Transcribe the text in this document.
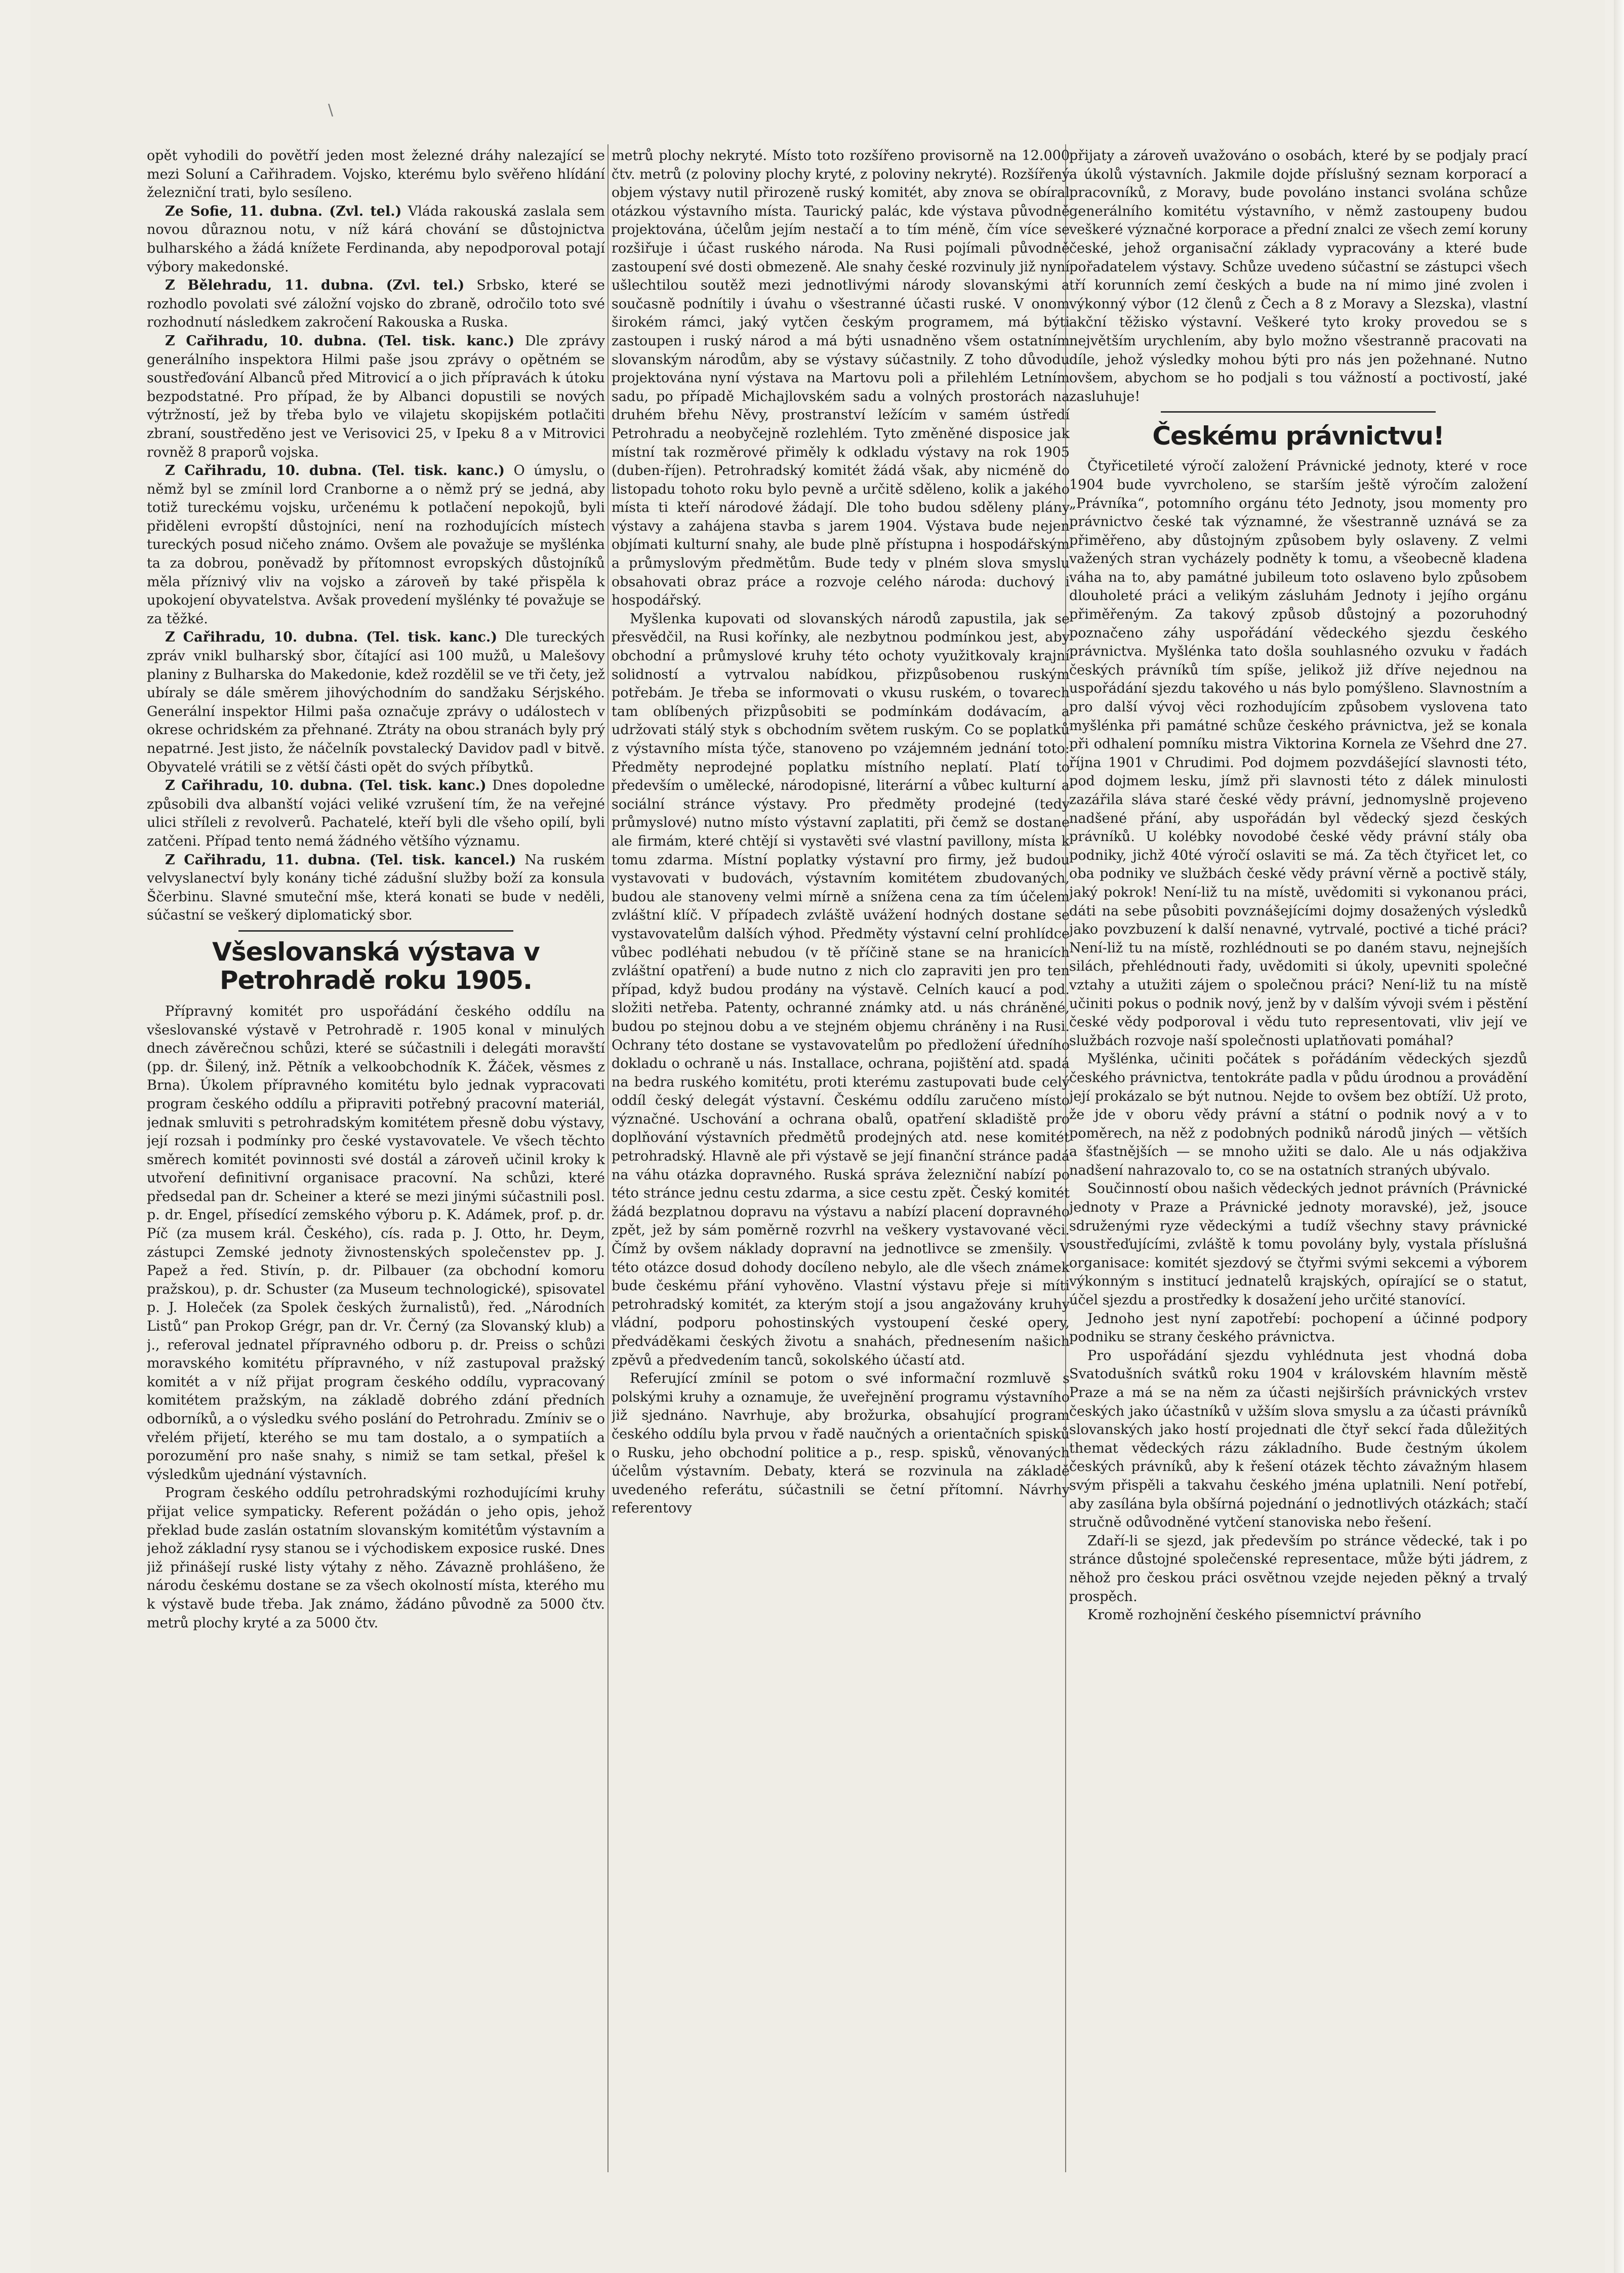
\

opět vyhodili do povětří jeden most železné dráhy nalezající se mezi Soluní a Cařihradem. Vojsko, kterému bylo svěřeno hlídání železniční trati, bylo sesíleno.

Ze Sofie, 11. dubna. (Zvl. tel.) Vláda rakouská zaslala sem novou důraznou notu, v níž kárá chování se důstojnictva bulharského a žádá knížete Ferdinanda, aby nepodporoval potají výbory makedonské.

Z Bělehradu, 11. dubna. (Zvl. tel.) Srbsko, které se rozhodlo povolati své záložní vojsko do zbraně, odročilo toto své rozhodnutí následkem zakročení Rakouska a Ruska.

Z Cařihradu, 10. dubna. (Tel. tisk. kanc.) Dle zprávy generálního inspektora Hilmi paše jsou zprávy o opětném se soustřeďování Albanců před Mitrovicí a o jich přípravách k útoku bezpodstatné. Pro případ, že by Albanci dopustili se nových výtržností, jež by třeba bylo ve vilajetu skopijském potlačiti zbraní, soustředěno jest ve Verisovici 25, v Ipeku 8 a v Mitrovici rovněž 8 praporů vojska.

Z Cařihradu, 10. dubna. (Tel. tisk. kanc.) O úmyslu, o němž byl se zmínil lord Cranborne a o němž prý se jedná, aby totiž tureckému vojsku, určenému k potlačení nepokojů, byli přiděleni evropští důstojníci, není na rozhodujících místech tureckých posud ničeho známo. Ovšem ale považuje se myšlénka ta za dobrou, poněvadž by přítomnost evropských důstojníků měla příznivý vliv na vojsko a zároveň by také přispěla k upokojení obyvatelstva. Avšak provedení myšlénky té považuje se za těžké.

Z Cařihradu, 10. dubna. (Tel. tisk. kanc.) Dle tureckých zpráv vnikl bulharský sbor, čítající asi 100 mužů, u Malešovy planiny z Bulharska do Makedonie, kdež rozdělil se ve tři čety, jež ubíraly se dále směrem jihovýchodním do sandžaku Sérjského. Generální inspektor Hilmi paša označuje zprávy o událostech v okrese ochridském za přehnané. Ztráty na obou stranách byly prý nepatrné. Jest jisto, že náčelník povstalecký Davidov padl v bitvě. Obyvatelé vrátili se z větší části opět do svých příbytků.

Z Cařihradu, 10. dubna. (Tel. tisk. kanc.) Dnes dopoledne způsobili dva albanští vojáci veliké vzrušení tím, že na veřejné ulici stříleli z revolverů. Pachatelé, kteří byli dle všeho opilí, byli zatčeni. Případ tento nemá žádného většího významu.

Z Cařihradu, 11. dubna. (Tel. tisk. kancel.) Na ruském velvyslanectví byly konány tiché zádušní služby boží za konsula Ščerbinu. Slavné smuteční mše, která konati se bude v neděli, súčastní se veškerý diplomatický sbor.

Všeslovanská výstava v Petrohradě roku 1905.

Přípravný komitét pro uspořádání českého oddílu na všeslovanské výstavě v Petrohradě r. 1905 konal v minulých dnech závěrečnou schůzi, které se súčastnili i delegáti moravští (pp. dr. Šilený, inž. Pětník a velkoobchodník K. Žáček, věsmes z Brna). Úkolem přípravného komitétu bylo jednak vypracovati program českého oddílu a připraviti potřebný pracovní materiál, jednak smluviti s petrohradským komitétem přesně dobu výstavy, její rozsah i podmínky pro české vystavovatele. Ve všech těchto směrech komitét povinnosti své dostál a zároveň učinil kroky k utvoření definitivní organisace pracovní. Na schůzi, které předsedal pan dr. Scheiner a které se mezi jinými súčastnili posl. p. dr. Engel, přísedící zemského výboru p. K. Adámek, prof. p. dr. Píč (za musem král. Českého), cís. rada p. J. Otto, hr. Deym, zástupci Zemské jednoty živnostenských společenstev pp. J. Papež a řed. Stivín, p. dr. Pilbauer (za obchodní komoru pražskou), p. dr. Schuster (za Museum technologické), spisovatel p. J. Holeček (za Spolek českých žurnalistů), řed. „Národních Listů“ pan Prokop Grégr, pan dr. Vr. Černý (za Slovanský klub) a j., referoval jednatel přípravného odboru p. dr. Preiss o schůzi moravského komitétu přípravného, v níž zastupoval pražský komitét a v níž přijat program českého oddílu, vypracovaný komitétem pražským, na základě dobrého zdání předních odborníků, a o výsledku svého poslání do Petrohradu. Zmíniv se o vřelém přijetí, kterého se mu tam dostalo, a o sympatiích a porozumění pro naše snahy, s nimiž se tam setkal, přešel k výsledkům ujednání výstavních.

Program českého oddílu petrohradskými rozhodujícími kruhy přijat velice sympaticky. Referent požádán o jeho opis, jehož překlad bude zaslán ostatním slovanským komitétům výstavním a jehož základní rysy stanou se i východiskem exposice ruské. Dnes již přinášejí ruské listy výtahy z něho. Závazně prohlášeno, že národu českému dostane se za všech okolností místa, kterého mu k výstavě bude třeba. Jak známo, žádáno původně za 5000 čtv. metrů plochy kryté a za 5000 čtv.

metrů plochy nekryté. Místo toto rozšířeno provisorně na 12.000 čtv. metrů (z poloviny plochy kryté, z poloviny nekryté). Rozšířený objem výstavy nutil přirozeně ruský komitét, aby znova se obíral otázkou výstavního místa. Taurický palác, kde výstava původně projektována, účelům jejím nestačí a to tím méně, čím více se rozšiřuje i účast ruského národa. Na Rusi pojímali původně zastoupení své dosti obmezeně. Ale snahy české rozvinuly již nyní ušlechtilou soutěž mezi jednotlivými národy slovanskými a současně podnítily i úvahu o všestranné účasti ruské. V onom širokém rámci, jaký vytčen českým programem, má býti zastoupen i ruský národ a má býti usnadněno všem ostatním slovanským národům, aby se výstavy súčastnily. Z toho důvodu projektována nyní výstava na Martovu poli a přilehlém Letním sadu, po případě Michajlovském sadu a volných prostorách na druhém břehu Něvy, prostranství ležícím v samém ústředí Petrohradu a neobyčejně rozlehlém. Tyto změněné disposice jak místní tak rozměrové přiměly k odkladu výstavy na rok 1905 (duben-říjen). Petrohradský komitét žádá však, aby nicméně do listopadu tohoto roku bylo pevně a určitě sděleno, kolik a jakého místa ti kteří národové žádají. Dle toho budou sděleny plány výstavy a zahájena stavba s jarem 1904. Výstava bude nejen objímati kulturní snahy, ale bude plně přístupna i hospodářským a průmyslovým předmětům. Bude tedy v plném slova smyslu obsahovati obraz práce a rozvoje celého národa: duchový i hospodářský.

Myšlenka kupovati od slovanských národů zapustila, jak se přesvědčil, na Rusi kořínky, ale nezbytnou podmínkou jest, aby obchodní a průmyslové kruhy této ochoty využitkovaly krajní solidností a vytrvalou nabídkou, přizpůsobenou ruským potřebám. Je třeba se informovati o vkusu ruském, o tovarech tam oblíbených přizpůsobiti se podmínkám dodávacím, a udržovati stálý styk s obchodním světem ruským. Co se poplatků z výstavního místa týče, stanoveno po vzájemném jednání toto: Předměty neprodejné poplatku místního neplatí. Platí to především o umělecké, národopisné, literární a vůbec kulturní a sociální stránce výstavy. Pro předměty prodejné (tedy průmyslové) nutno místo výstavní zaplatiti, při čemž se dostane ale firmám, které chtějí si vystavěti své vlastní pavillony, místa k tomu zdarma. Místní poplatky výstavní pro firmy, jež budou vystavovati v budovách, výstavním komitétem zbudovaných, budou ale stanoveny velmi mírně a snížena cena za tím účelem zvláštní klíč. V případech zvláště uvážení hodných dostane se vystavovatelům dalších výhod. Předměty výstavní celní prohlídce vůbec podléhati nebudou (v tě příčině stane se na hranicích zvláštní opatření) a bude nutno z nich clo zapraviti jen pro ten případ, když budou prodány na výstavě. Celních kaucí a pod. složiti netřeba. Patenty, ochranné známky atd. u nás chráněné, budou po stejnou dobu a ve stejném objemu chráněny i na Rusi. Ochrany této dostane se vystavovatelům po předložení úředního dokladu o ochraně u nás. Installace, ochrana, pojištění atd. spadá na bedra ruského komitétu, proti kterému zastupovati bude celý oddíl český delegát výstavní. Českému oddílu zaručeno místo význačné. Uschování a ochrana obalů, opatření skladiště pro doplňování výstavních předmětů prodejných atd. nese komitét petrohradský. Hlavně ale při výstavě se její finanční stránce padá na váhu otázka dopravného. Ruská správa železniční nabízí po této stránce jednu cestu zdarma, a sice cestu zpět. Český komitét žádá bezplatnou dopravu na výstavu a nabízí placení dopravného zpět, jež by sám poměrně rozvrhl na veškery vystavované věci. Čímž by ovšem náklady dopravní na jednotlivce se zmenšily. V této otázce dosud dohody docíleno nebylo, ale dle všech známek bude českému přání vyhověno. Vlastní výstavu přeje si míti petrohradský komitét, za kterým stojí a jsou angažovány kruhy vládní, podporu pohostinských vystoupení české opery, předváděkami českých životu a snahách, přednesením našich zpěvů a předvedením tanců, sokolského účastí atd.

Referující zmínil se potom o své informační rozmluvě s polskými kruhy a oznamuje, že uveřejnění programu výstavního již sjednáno. Navrhuje, aby brožurka, obsahující program českého oddílu byla prvou v řadě naučných a orientačních spisků o Rusku, jeho obchodní politice a p., resp. spisků, věnovaných účelům výstavním. Debaty, která se rozvinula na základě uvedeného referátu, súčastnili se četní přítomní. Návrhy referentovy

přijaty a zároveň uvažováno o osobách, které by se podjaly prací a úkolů výstavních. Jakmile dojde příslušný seznam korporací a pracovníků, z Moravy, bude povoláno instanci svolána schůze generálního komitétu výstavního, v němž zastoupeny budou veškeré význačné korporace a přední znalci ze všech zemí koruny české, jehož organisační základy vypracovány a které bude pořadatelem výstavy. Schůze uvedeno súčastní se zástupci všech tří korunních zemí českých a bude na ní mimo jiné zvolen i výkonný výbor (12 členů z Čech a 8 z Moravy a Slezska), vlastní akční těžisko výstavní. Veškeré tyto kroky provedou se s největším urychlením, aby bylo možno všestranně pracovati na díle, jehož výsledky mohou býti pro nás jen požehnané. Nutno ovšem, abychom se ho podjali s tou vážností a poctivostí, jaké zasluhuje!

Českému právnictvu!

Čtyřicetileté výročí založení Právnické jednoty, které v roce 1904 bude vyvrcholeno, se starším ještě výročím založení „Právníka“, potomního orgánu této Jednoty, jsou momenty pro právnictvo české tak významné, že všestranně uznává se za přiměřeno, aby důstojným způsobem byly oslaveny. Z velmi važených stran vycházely podněty k tomu, a všeobecně kladena váha na to, aby památné jubileum toto oslaveno bylo způsobem dlouholeté práci a velikým zásluhám Jednoty i jejího orgánu přiměřeným. Za takový způsob důstojný a pozoruhodný poznačeno záhy uspořádání vědeckého sjezdu českého právnictva. Myšlénka tato došla souhlasného ozvuku v řadách českých právníků tím spíše, jelikož již dříve nejednou na uspořádání sjezdu takového u nás bylo pomýšleno. Slavnostním a pro další vývoj věci rozhodujícím způsobem vyslovena tato myšlénka při památné schůze českého právnictva, jež se konala při odhalení pomníku mistra Viktorina Kornela ze Všehrd dne 27. října 1901 v Chrudimi. Pod dojmem pozvdášející slavnosti této, pod dojmem lesku, jímž při slavnosti této z dálek minulosti zazářila sláva staré české vědy právní, jednomyslně projeveno nadšené přání, aby uspořádán byl vědecký sjezd českých právníků. U kolébky novodobé české vědy právní stály oba podniky, jichž 40té výročí oslaviti se má. Za těch čtyřicet let, co oba podniky ve službách české vědy právní věrně a poctivě stály, jaký pokrok! Není-liž tu na místě, uvědomiti si vykonanou práci, dáti na sebe působiti povznášejícími dojmy dosažených výsledků jako povzbuzení k další nenavné, vytrvalé, poctivé a tiché práci? Není-liž tu na místě, rozhlédnouti se po daném stavu, nejnejších silách, přehlédnouti řady, uvědomiti si úkoly, upevniti společné vztahy a utužiti zájem o společnou práci? Není-liž tu na místě učiniti pokus o podnik nový, jenž by v dalším vývoji svém i pěstění české vědy podporoval i vědu tuto representovati, vliv její ve službách rozvoje naší společnosti uplatňovati pomáhal?

Myšlénka, učiniti počátek s pořádáním vědeckých sjezdů českého právnictva, tentokráte padla v půdu úrodnou a provádění její prokázalo se být nutnou. Nejde to ovšem bez obtíží. Už proto, že jde v oboru vědy právní a státní o podnik nový a v to poměrech, na něž z podobných podniků národů jiných — větších a šťastnějších — se mnoho užiti se dalo. Ale u nás odjakživa nadšení nahrazovalo to, co se na ostatních straných ubývalo.

Součinností obou našich vědeckých jednot právních (Právnické jednoty v Praze a Právnické jednoty moravské), jež, jsouce sdruženými ryze vědeckými a tudíž všechny stavy právnické soustřeďujícími, zvláště k tomu povolány byly, vystala příslušná organisace: komitét sjezdový se čtyřmi svými sekcemi a výborem výkonným s institucí jednatelů krajských, opírající se o statut, účel sjezdu a prostředky k dosažení jeho určité stanovící.

Jednoho jest nyní zapotřebí: pochopení a účinné podpory podniku se strany českého právnictva.

Pro uspořádání sjezdu vyhlédnuta jest vhodná doba Svatodušních svátků roku 1904 v královském hlavním městě Praze a má se na něm za účasti nejširších právnických vrstev českých jako účastníků v užším slova smyslu a za účasti právníků slovanských jako hostí projednati dle čtyř sekcí řada důležitých themat vědeckých rázu základního. Bude čestným úkolem českých právníků, aby k řešení otázek těchto závažným hlasem svým přispěli a takvahu českého jména uplatnili. Není potřebí, aby zasílána byla obšírná pojednání o jednotlivých otázkách; stačí stručně odůvodněné vytčení stanoviska nebo řešení.

Zdaří-li se sjezd, jak především po stránce vědecké, tak i po stránce důstojné společenské representace, může býti jádrem, z něhož pro českou práci osvětnou vzejde nejeden pěkný a trvalý prospěch.

Kromě rozhojnění českého písemnictví právního
